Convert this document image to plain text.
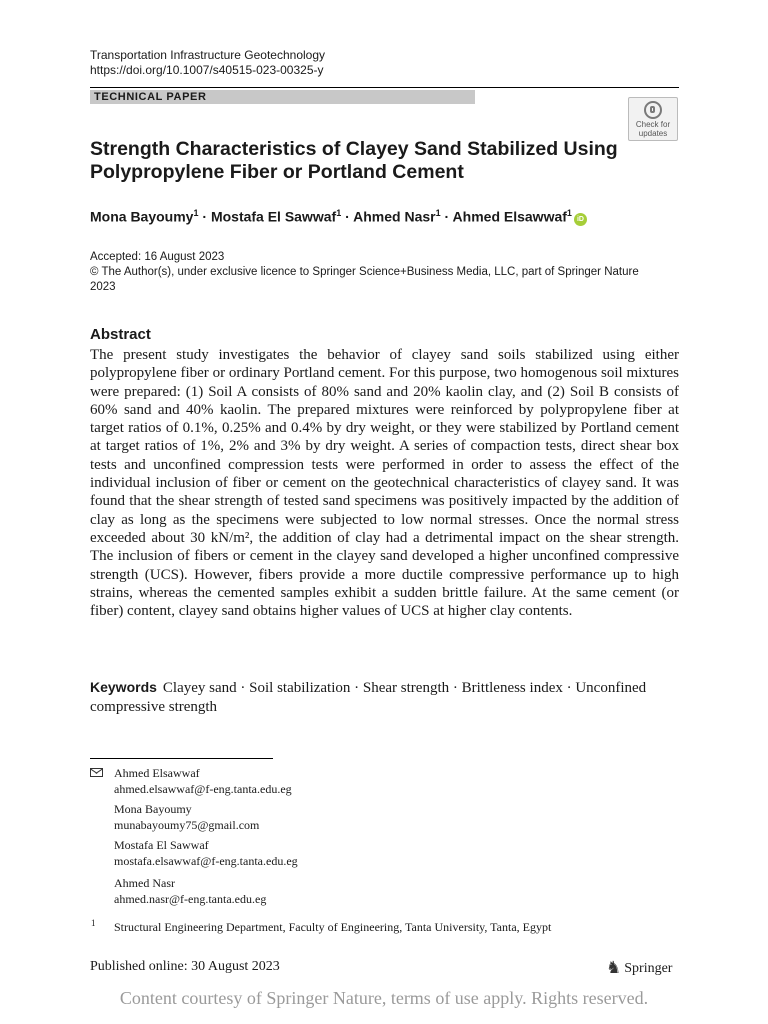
Transportation Infrastructure Geotechnology
https://doi.org/10.1007/s40515-023-00325-y
TECHNICAL PAPER
Check for
updates
Strength Characteristics of Clayey Sand Stabilized Using Polypropylene Fiber or Portland Cement
Mona Bayoumy$^1$ · Mostafa El Sawwaf$^1$ · Ahmed Nasr$^1$ · Ahmed Elsawwaf$^1$iD
Accepted: 16 August 2023
© The Author(s), under exclusive licence to Springer Science+Business Media, LLC, part of Springer Nature 2023
Abstract

The present study investigates the behavior of clayey sand soils stabilized using either polypropylene fiber or ordinary Portland cement. For this purpose, two homogenous soil mixtures were prepared: (1) Soil A consists of 80% sand and 20% kaolin clay, and (2) Soil B consists of 60% sand and 40% kaolin. The prepared mixtures were reinforced by polypropylene fiber at target ratios of 0.1%, 0.25% and 0.4% by dry weight, or they were stabilized by Portland cement at target ratios of 1%, 2% and 3% by dry weight. A series of compaction tests, direct shear box tests and unconfined compression tests were performed in order to assess the effect of the individual inclusion of fiber or cement on the geotechnical characteristics of clayey sand. It was found that the shear strength of tested sand specimens was positively impacted by the addition of clay as long as the specimens were subjected to low normal stresses. Once the normal stress exceeded about 30 kN/m², the addition of clay had a detrimental impact on the shear strength. The inclusion of fibers or cement in the clayey sand developed a higher unconfined compressive strength (UCS). However, fibers provide a more ductile compressive performance up to high strains, whereas the cemented samples exhibit a sudden brittle failure. At the same cement (or fiber) content, clayey sand obtains higher values of UCS at higher clay contents.

Keywords Clayey sand · Soil stabilization · Shear strength · Brittleness index · Unconfined compressive strength
Ahmed Elsawwaf
ahmed.elsawwaf@f-eng.tanta.edu.eg
Mona Bayoumy
munabayoumy75@gmail.com
Mostafa El Sawwaf
mostafa.elsawwaf@f-eng.tanta.edu.eg
Ahmed Nasr
ahmed.nasr@f-eng.tanta.edu.eg
1 Structural Engineering Department, Faculty of Engineering, Tanta University, Tanta, Egypt
Published online: 30 August 2023	♞ Springer
Content courtesy of Springer Nature, terms of use apply. Rights reserved.
